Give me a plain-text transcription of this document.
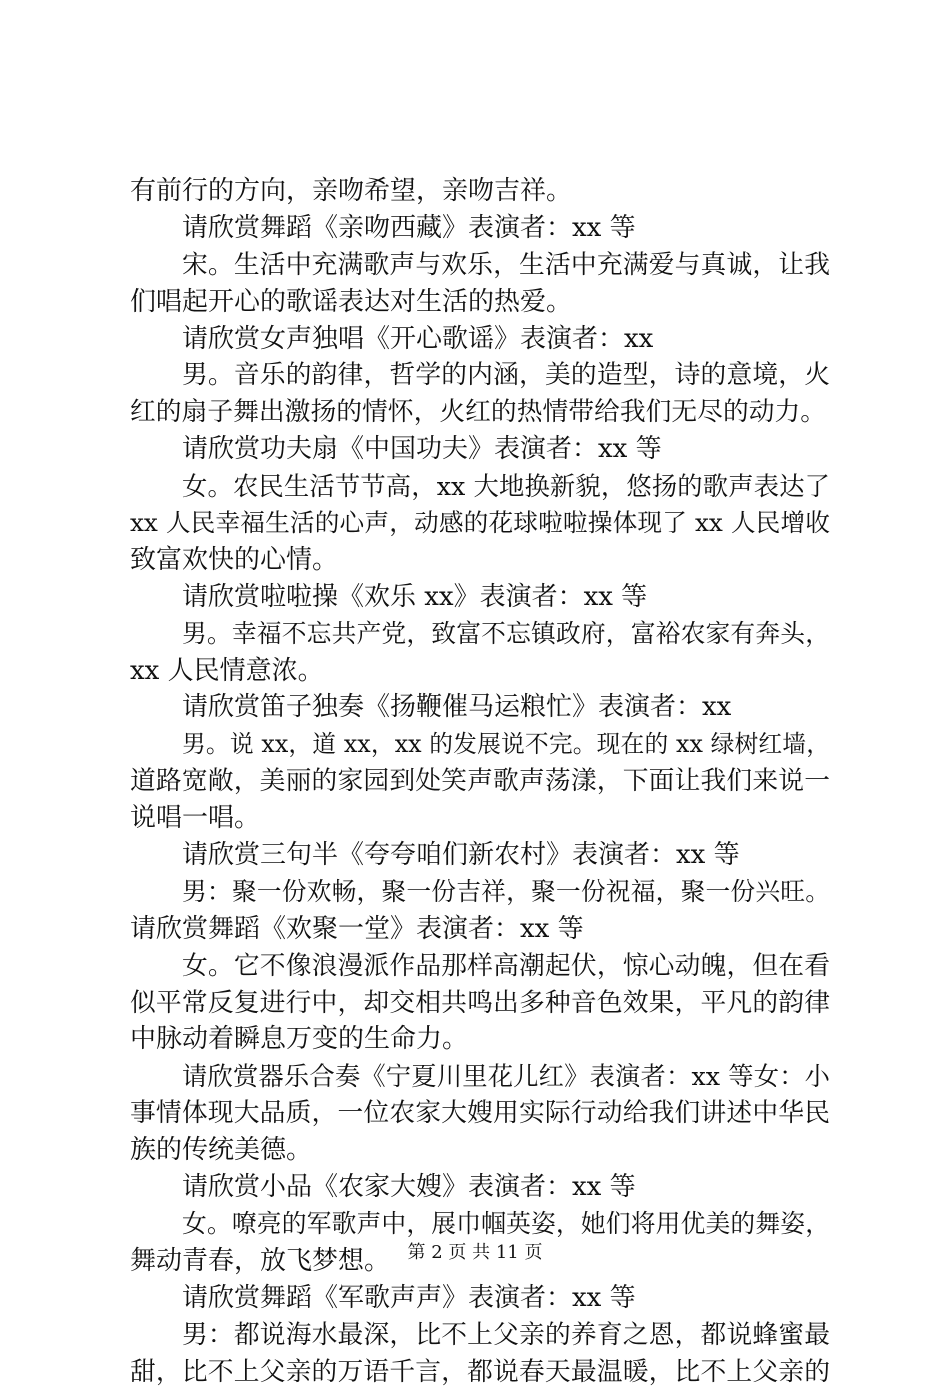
有前行的方向，亲吻希望，亲吻吉祥。
请欣赏舞蹈《亲吻西藏》表演者：xx 等
宋。生活中充满歌声与欢乐，生活中充满爱与真诚，让我
们唱起开心的歌谣表达对生活的热爱。
请欣赏女声独唱《开心歌谣》表演者：xx
男。音乐的韵律，哲学的内涵，美的造型，诗的意境，火
红的扇子舞出激扬的情怀，火红的热情带给我们无尽的动力。
请欣赏功夫扇《中国功夫》表演者：xx 等
女。农民生活节节高，xx 大地换新貌，悠扬的歌声表达了
xx 人民幸福生活的心声，动感的花球啦啦操体现了 xx 人民增收
致富欢快的心情。
请欣赏啦啦操《欢乐 xx》表演者：xx 等
男。幸福不忘共产党，致富不忘镇政府，富裕农家有奔头，
xx 人民情意浓。
请欣赏笛子独奏《扬鞭催马运粮忙》表演者：xx
男。说 xx，道 xx，xx 的发展说不完。现在的 xx 绿树红墙，
道路宽敞，美丽的家园到处笑声歌声荡漾，下面让我们来说一
说唱一唱。
请欣赏三句半《夸夸咱们新农村》表演者：xx 等
男：聚一份欢畅，聚一份吉祥，聚一份祝福，聚一份兴旺。
请欣赏舞蹈《欢聚一堂》表演者：xx 等
女。它不像浪漫派作品那样高潮起伏，惊心动魄，但在看
似平常反复进行中，却交相共鸣出多种音色效果，平凡的韵律
中脉动着瞬息万变的生命力。
请欣赏器乐合奏《宁夏川里花儿红》表演者：xx 等女：小
事情体现大品质，一位农家大嫂用实际行动给我们讲述中华民
族的传统美德。
请欣赏小品《农家大嫂》表演者：xx 等
女。嘹亮的军歌声中，展巾帼英姿，她们将用优美的舞姿，
舞动青春，放飞梦想。
请欣赏舞蹈《军歌声声》表演者：xx 等
男：都说海水最深，比不上父亲的养育之恩，都说蜂蜜最
甜，比不上父亲的万语千言，都说春天最温暖，比不上父亲的
第 2 页 共 11 页
